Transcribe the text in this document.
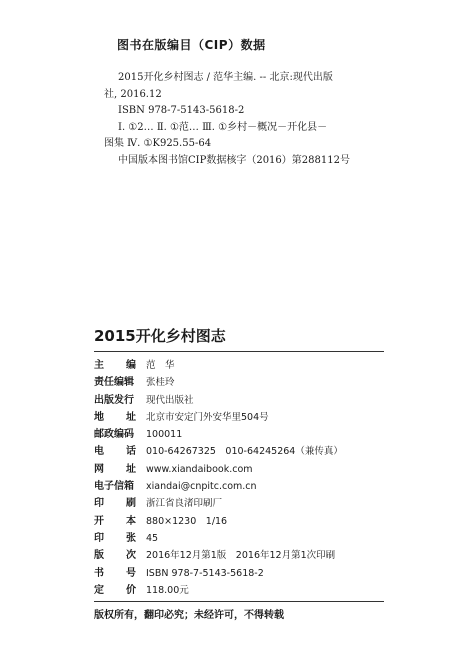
图书在版编目（CIP）数据
2015开化乡村图志 / 范华主编. -- 北京:现代出版
社, 2016.12
ISBN 978-7-5143-5618-2
Ⅰ. ①2… Ⅱ. ①范… Ⅲ. ①乡村－概况－开化县－
图集 Ⅳ. ①K925.55-64
中国版本图书馆CIP数据核字（2016）第288112号
2015开化乡村图志
主 编 范　华
责任编辑	张桂玲
出版发行	现代出版社
地 址 北京市安定门外安华里504号
邮政编码	100011
电 话 010-64267325　010-64245264（兼传真）
网 址 www.xiandaibook.com
电子信箱	xiandai@cnpitc.com.cn
印 刷 浙江省良渚印刷厂
开 本 880×1230　1/16
印 张 45
版 次 2016年12月第1版　2016年12月第1次印刷
书 号 ISBN 978-7-5143-5618-2
定 价 118.00元
版权所有，翻印必究；未经许可，不得转载
